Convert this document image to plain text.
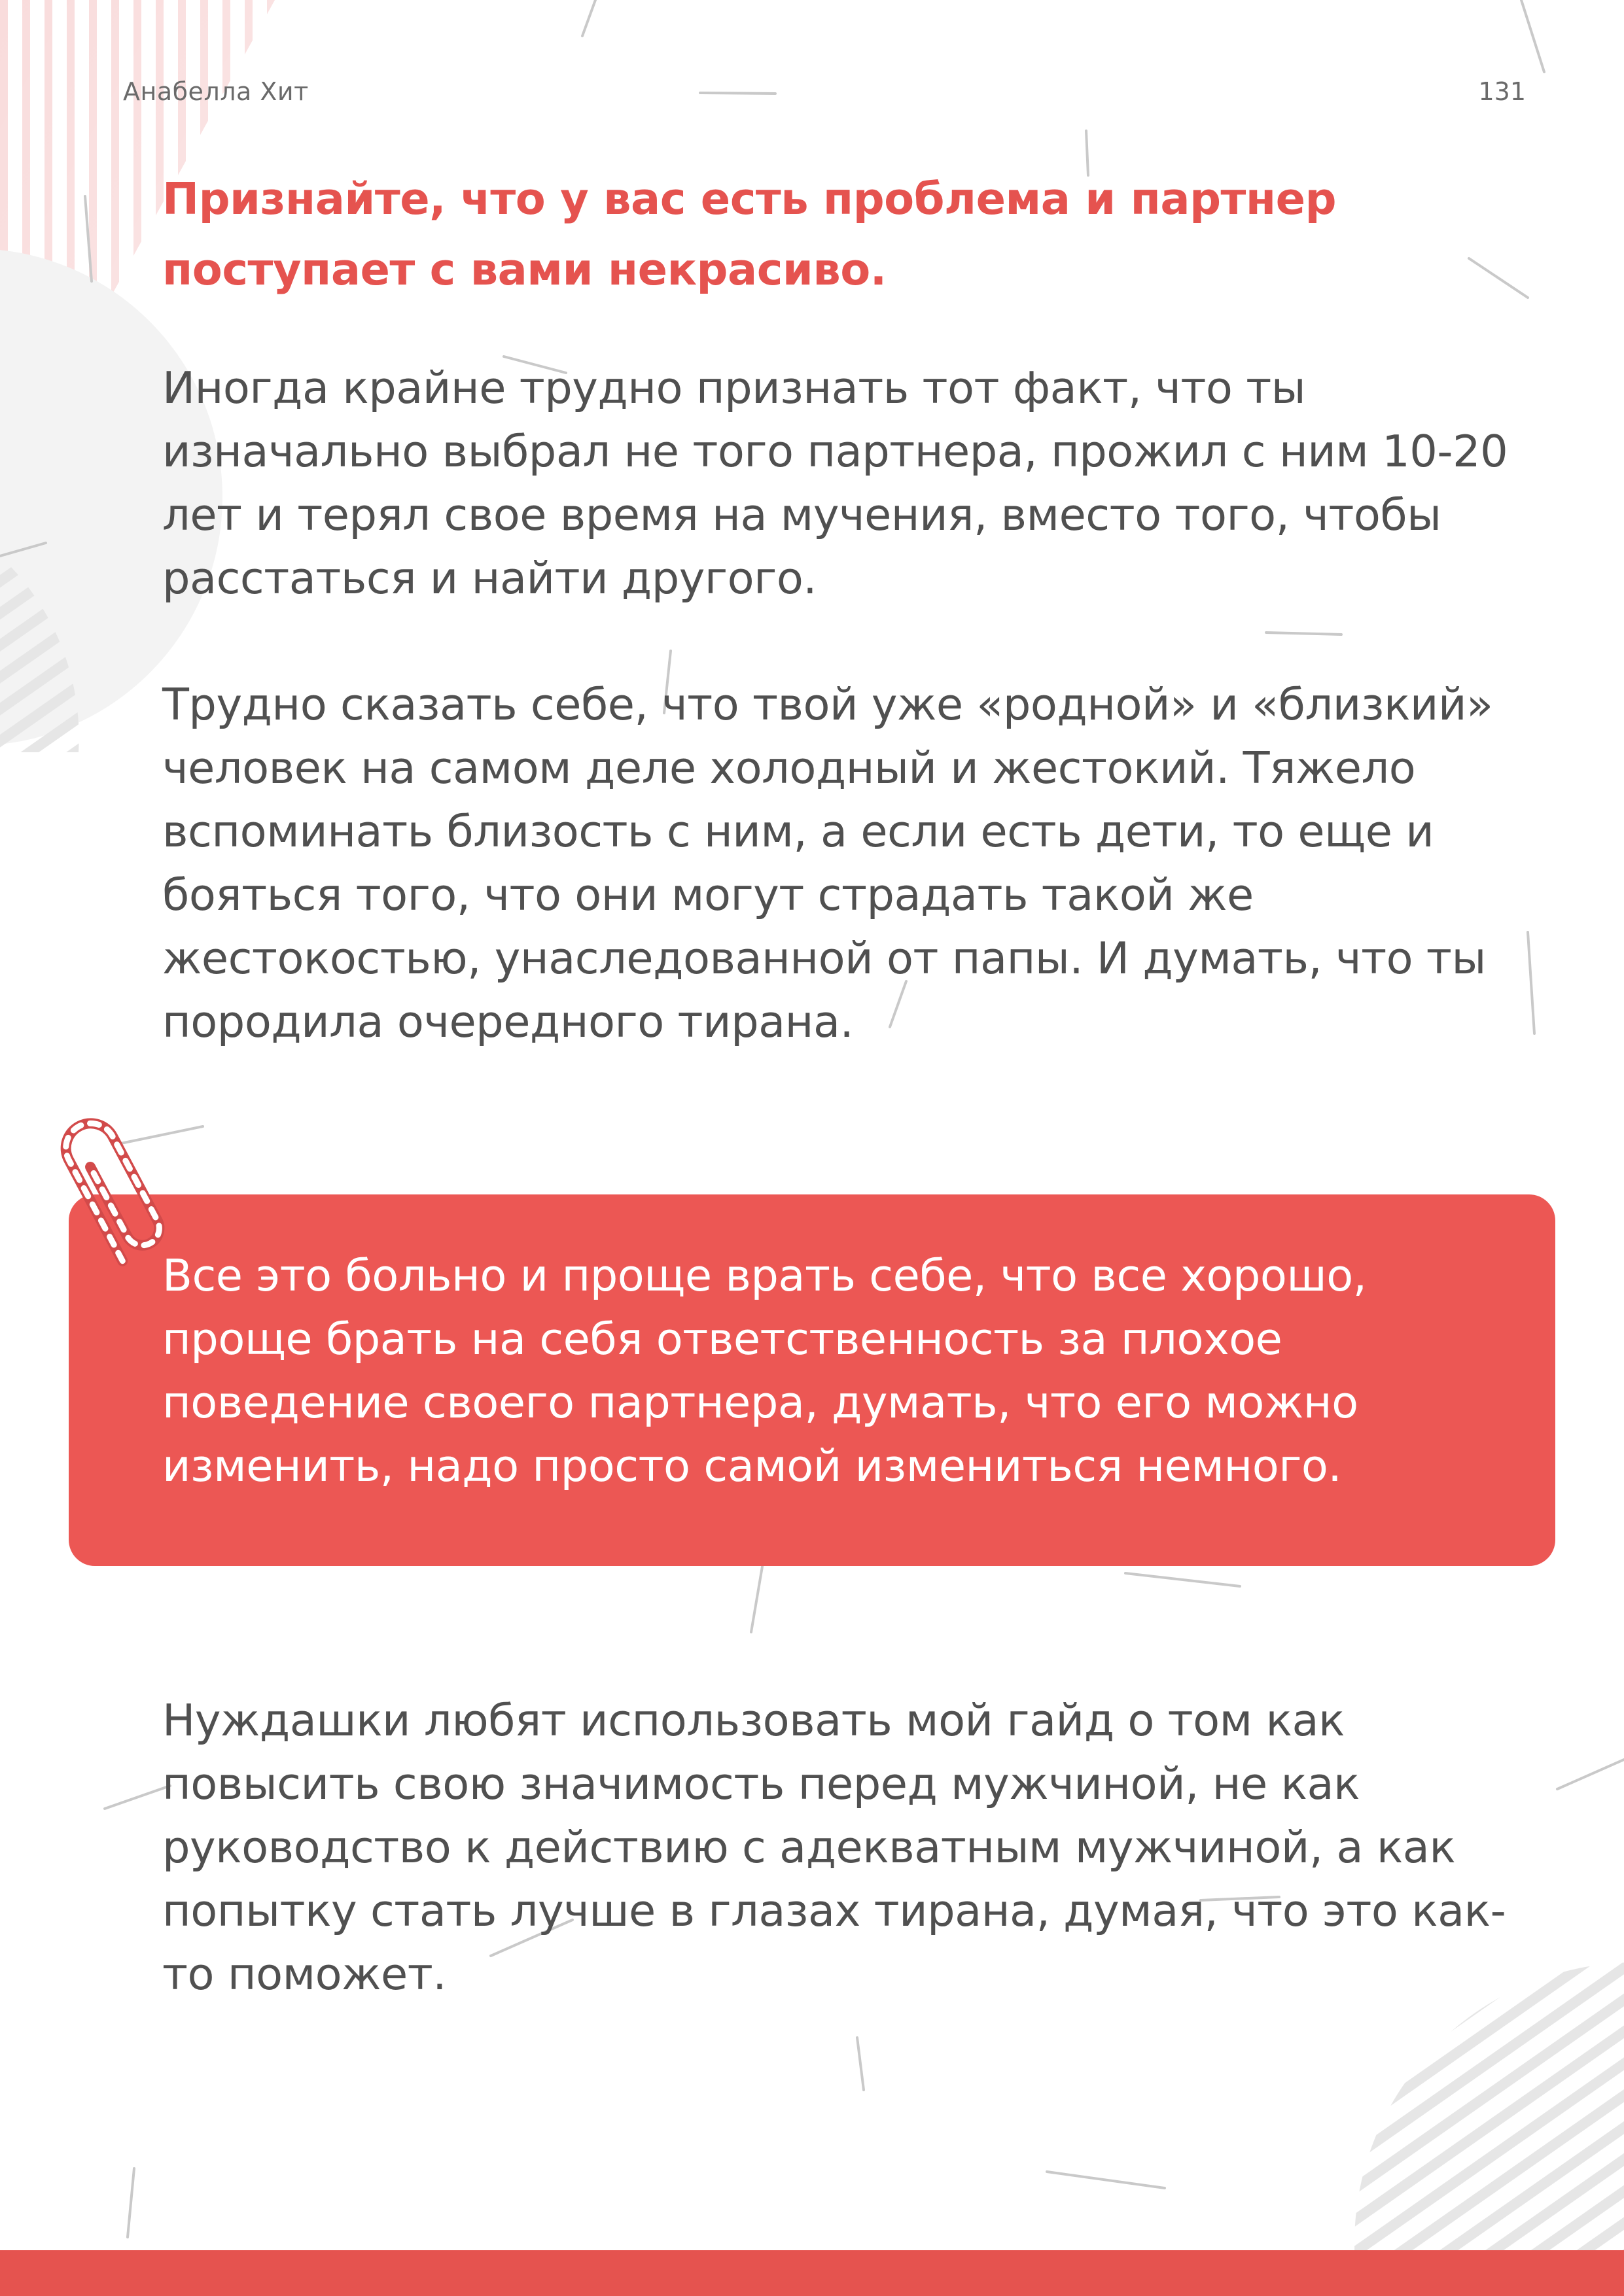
Анабелла Хит	131
Признайте, что у вас есть проблема и партнер поступает с вами некрасиво.
Иногда крайне трудно признать тот факт, что ты изначально выбрал не того партнера, прожил с ним 10-20 лет и терял свое время на мучения, вместо того, чтобы расстаться и найти другого.
Трудно сказать себе, что твой уже «родной» и «близкий» человек на самом деле холодный и жестокий. Тяжело вспоминать близость с ним, а если есть дети, то еще и бояться того, что они могут страдать такой же жестокостью, унаследованной от папы. И думать, что ты породила очередного тирана.
Все это больно и проще врать себе, что все хорошо, проще брать на себя ответственность за плохое поведение своего партнера, думать, что его можно изменить, надо просто самой измениться немного.
Нуждашки любят использовать мой гайд о том как повысить свою значимость перед мужчиной, не как руководство к действию с адекватным мужчиной, а как попытку стать лучше в глазах тирана, думая, что это как-то поможет.
